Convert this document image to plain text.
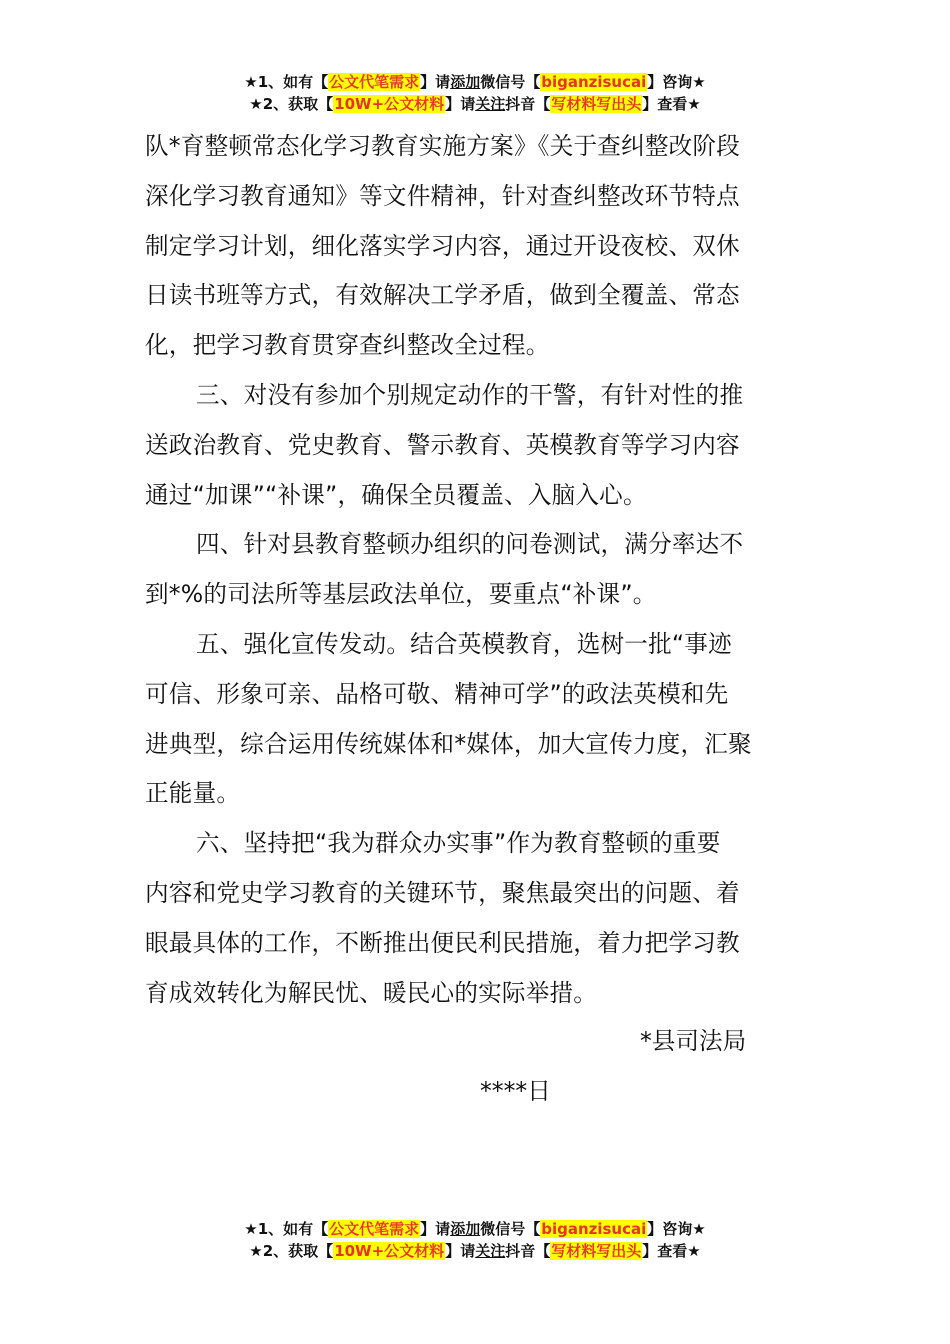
★1、如有【公文代笔需求】请添加微信号【biganzisucai】咨询★
★2、获取【10W+公文材料】请关注抖音【写材料写出头】查看★

队*育整顿常态化学习教育实施方案》《关于查纠整改阶段
深化学习教育通知》等文件精神，针对查纠整改环节特点
制定学习计划，细化落实学习内容，通过开设夜校、双休
日读书班等方式，有效解决工学矛盾，做到全覆盖、常态
化，把学习教育贯穿查纠整改全过程。

三、对没有参加个别规定动作的干警，有针对性的推
送政治教育、党史教育、警示教育、英模教育等学习内容
通过“加课”“补课”，确保全员覆盖、入脑入心。

四、针对县教育整顿办组织的问卷测试，满分率达不
到*%的司法所等基层政法单位，要重点“补课”。

五、强化宣传发动。结合英模教育，选树一批“事迹
可信、形象可亲、品格可敬、精神可学”的政法英模和先
进典型，综合运用传统媒体和*媒体，加大宣传力度，汇聚
正能量。

六、坚持把“我为群众办实事”作为教育整顿的重要
内容和党史学习教育的关键环节，聚焦最突出的问题、着
眼最具体的工作，不断推出便民利民措施，着力把学习教
育成效转化为解民忧、暖民心的实际举措。

*县司法局
****日
★1、如有【公文代笔需求】请添加微信号【biganzisucai】咨询★
★2、获取【10W+公文材料】请关注抖音【写材料写出头】查看★
